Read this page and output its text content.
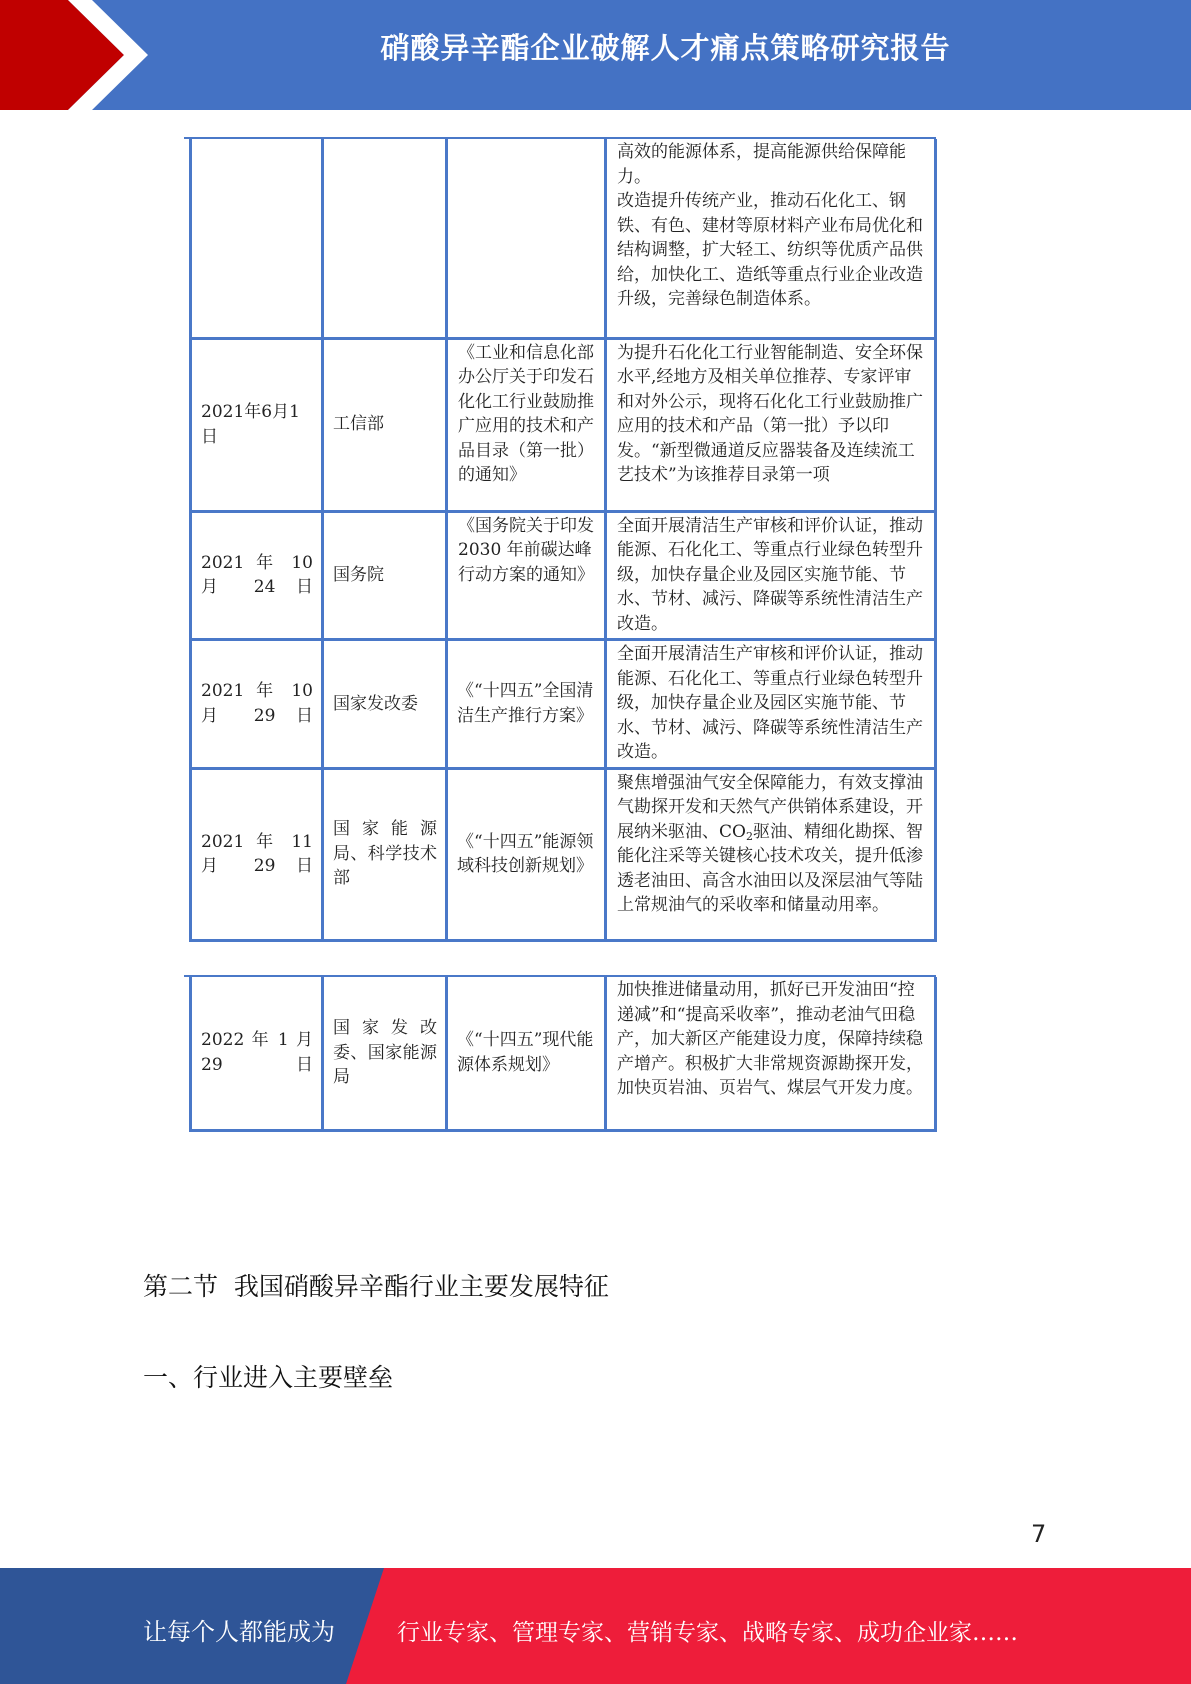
硝酸异辛酯企业破解人才痛点策略研究报告
			高效的能源体系，提高能源供给保障能力。
改造提升传统产业，推动石化化工、钢铁、有色、建材等原材料产业布局优化和结构调整，扩大轻工、纺织等优质产品供给，加快化工、造纸等重点行业企业改造升级，完善绿色制造体系。
2021年6月1日	工信部	《工业和信息化部办公厅关于印发石化化工行业鼓励推广应用的技术和产品目录（第一批）的通知》	为提升石化化工行业智能制造、安全环保水平,经地方及相关单位推荐、专家评审和对外公示，现将石化化工行业鼓励推广应用的技术和产品（第一批）予以印发。“新型微通道反应器装备及连续流工艺技术”为该推荐目录第一项
2021 年 10 月 24 日	国务院	《国务院关于印发 2030 年前碳达峰行动方案的通知》	全面开展清洁生产审核和评价认证，推动能源、石化化工、等重点行业绿色转型升级，加快存量企业及园区实施节能、节水、节材、减污、降碳等系统性清洁生产改造。
2021 年 10 月 29 日	国家发改委	《“十四五”全国清洁生产推行方案》	全面开展清洁生产审核和评价认证，推动能源、石化化工、等重点行业绿色转型升级，加快存量企业及园区实施节能、节水、节材、减污、降碳等系统性清洁生产改造。
2021 年 11 月 29 日	国 家 能 源 局、科学技术部	《“十四五”能源领域科技创新规划》	聚焦增强油气安全保障能力，有效支撑油气勘探开发和天然气产供销体系建设，开展纳米驱油、$CO_2$驱油、精细化勘探、智能化注采等关键核心技术攻关，提升低渗透老油田、高含水油田以及深层油气等陆上常规油气的采收率和储量动用率。
2022 年 1 月 29 日	国 家 发 改 委、国家能源局	《“十四五”现代能源体系规划》	加快推进储量动用，抓好已开发油田“控递减”和“提高采收率”，推动老油气田稳产，加大新区产能建设力度，保障持续稳产增产。积极扩大非常规资源勘探开发，加快页岩油、页岩气、煤层气开发力度。
第二节  我国硝酸异辛酯行业主要发展特征
一、行业进入主要壁垒
7
让每个人都能成为	行业专家、管理专家、营销专家、战略专家、成功企业家……
